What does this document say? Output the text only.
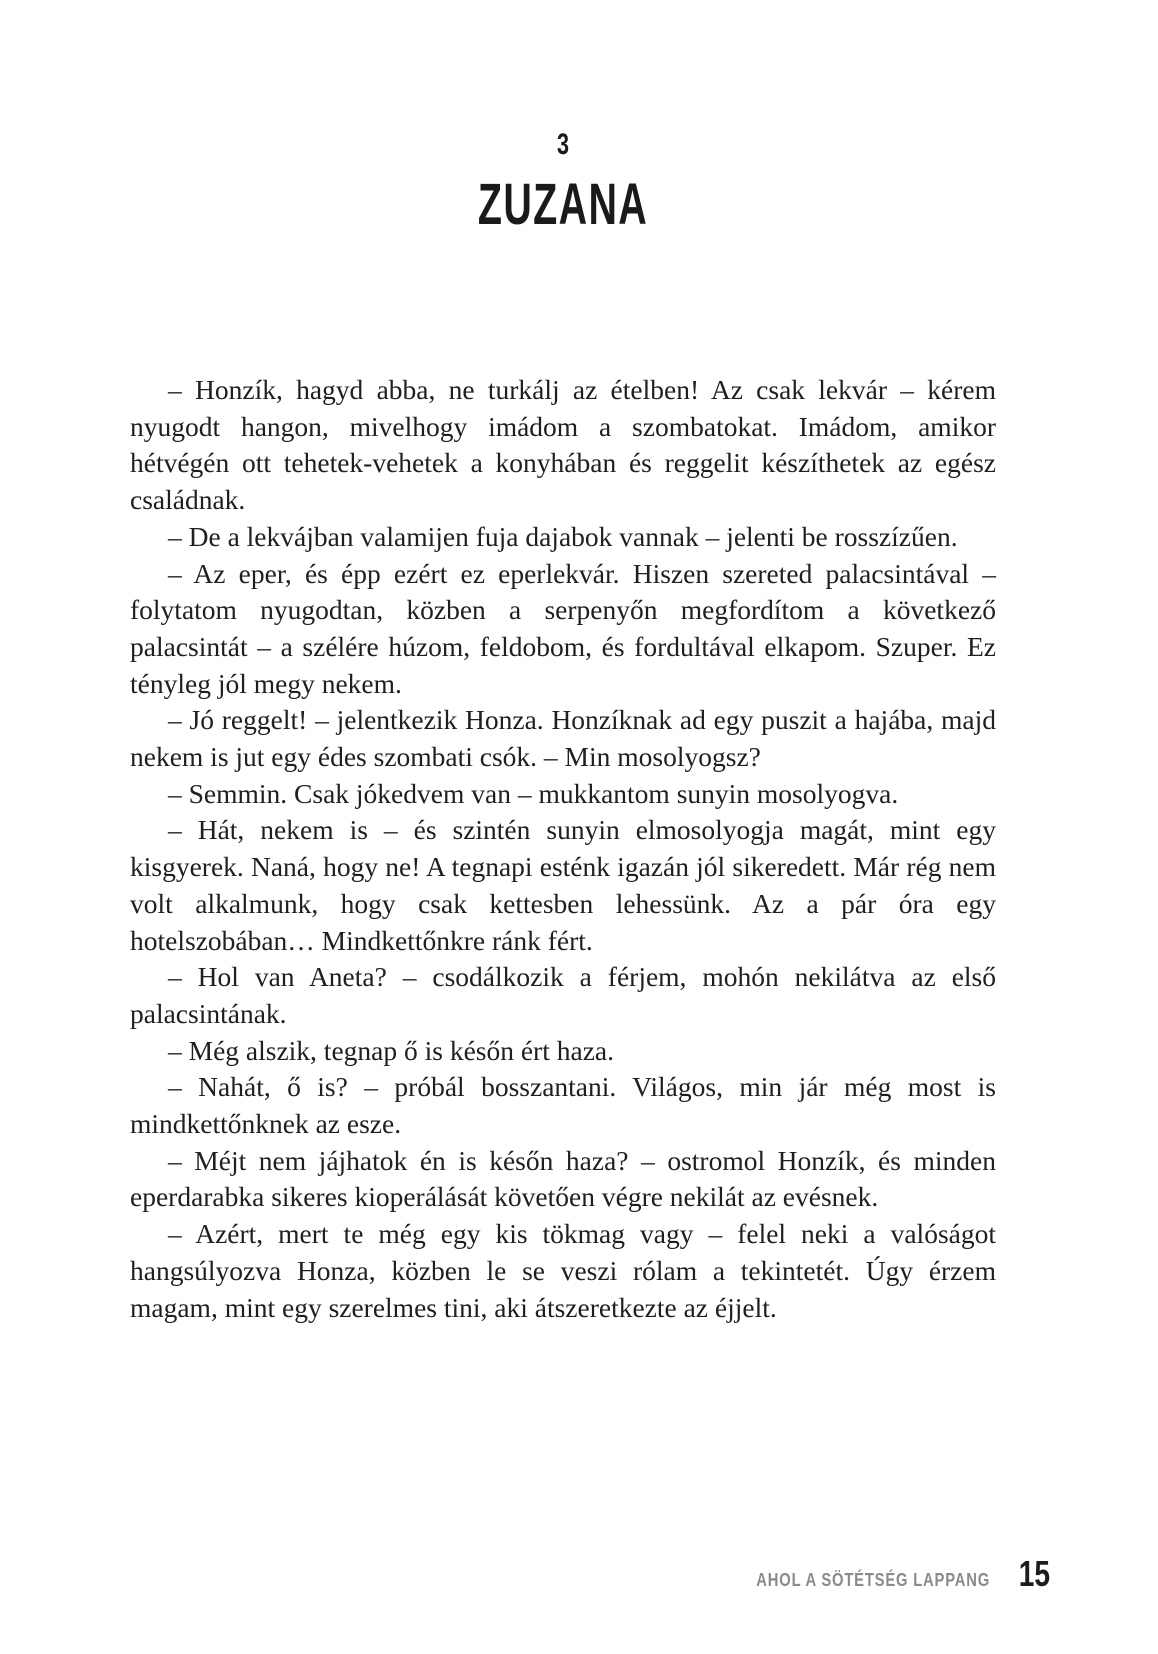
3
ZUZANA

– Honzík, hagyd abba, ne turkálj az ételben! Az csak lekvár – kérem nyugodt hangon, mivelhogy imádom a szombatokat. Imádom, amikor hétvégén ott tehetek-vehetek a konyhában és reggelit készíthetek az egész családnak.

– De a lekvájban valamijen fuja dajabok vannak – jelenti be rosszízűen.

– Az eper, és épp ezért ez eperlekvár. Hiszen szereted palacsintával – folytatom nyugodtan, közben a serpenyőn megfordítom a következő palacsintát – a szélére húzom, feldobom, és fordultával elkapom. Szuper. Ez tényleg jól megy nekem.

– Jó reggelt! – jelentkezik Honza. Honzíknak ad egy puszit a hajába, majd nekem is jut egy édes szombati csók. – Min mosolyogsz?

– Semmin. Csak jókedvem van – mukkantom sunyin mosolyogva.

– Hát, nekem is – és szintén sunyin elmosolyogja magát, mint egy kisgyerek. Naná, hogy ne! A tegnapi esténk igazán jól sikeredett. Már rég nem volt alkalmunk, hogy csak kettesben lehessünk. Az a pár óra egy hotelszobában… Mindkettőnkre ránk fért.

– Hol van Aneta? – csodálkozik a férjem, mohón nekilátva az első palacsintának.

– Még alszik, tegnap ő is későn ért haza.

– Nahát, ő is? – próbál bosszantani. Világos, min jár még most is mindkettőnknek az esze.

– Méjt nem jájhatok én is későn haza? – ostromol Honzík, és minden eperdarabka sikeres kioperálását követően végre nekilát az evésnek.

– Azért, mert te még egy kis tökmag vagy – felel neki a valóságot hangsúlyozva Honza, közben le se veszi rólam a tekintetét. Úgy érzem magam, mint egy szerelmes tini, aki átszeretkezte az éjjelt.

AHOL A SÖTÉTSÉG LAPPANG 15
